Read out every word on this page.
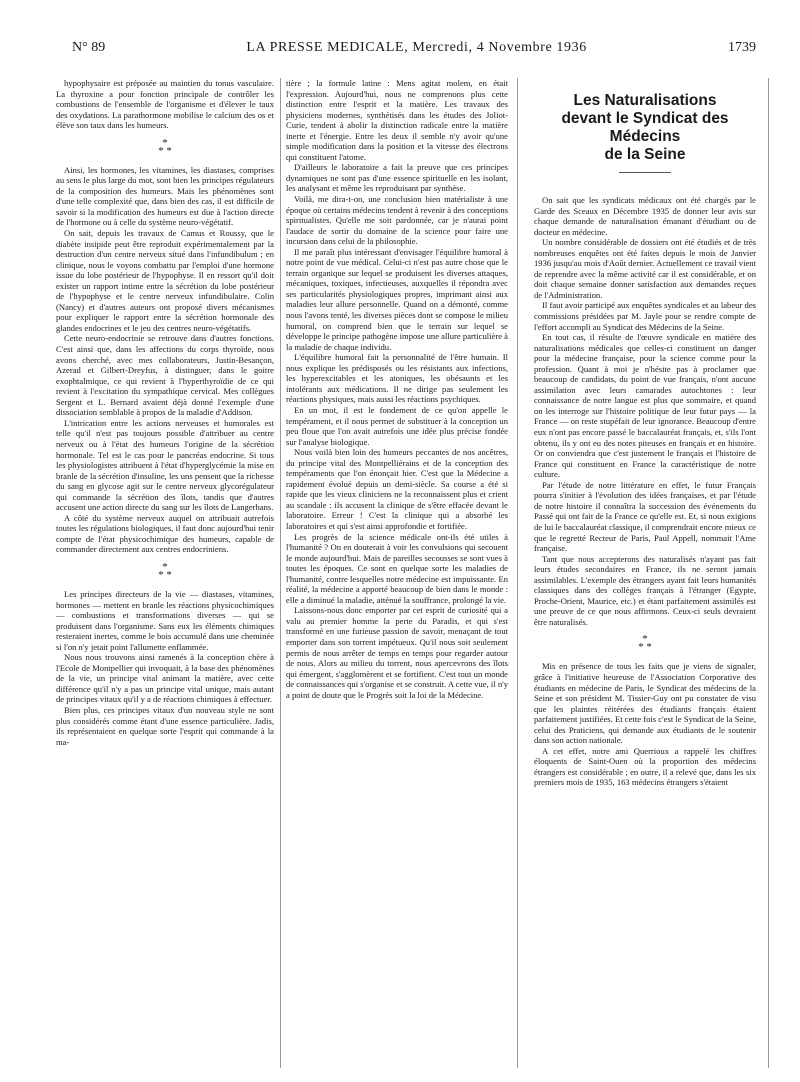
N° 89	LA PRESSE MEDICALE, Mercredi, 4 Novembre 1936	1739

hypophysaire est préposée au maintien du tonus vasculaire. La thyroxine a pour fonction principale de contrôler les combustions de l'ensemble de l'organisme et d'élever le taux des oxydations. La parathormone mobilise le calcium des os et élève son taux dans les humeurs.

*
* *

Ainsi, les hormones, les vitamines, les diastases, comprises au sens le plus large du mot, sont bien les principes régulateurs de la composition des humeurs. Mais les phénomènes sont d'une telle complexité que, dans bien des cas, il est difficile de savoir si la modification des humeurs est due à l'action directe de l'hormone ou à celle du système neuro-végétatif.

On sait, depuis les travaux de Camus et Roussy, que le diabète insipide peut être reproduit expérimentalement par la destruction d'un centre nerveux situé dans l'infundibulum ; en clinique, nous le voyons combattu par l'emploi d'une hormone issue du lobe postérieur de l'hypophyse. Il en ressort qu'il doit exister un rapport intime entre la sécrétion du lobe postérieur de l'hypophyse et le centre nerveux infundibulaire. Colin (Nancy) et d'autres auteurs ont proposé divers mécanismes pour expliquer le rapport entre la sécrétion hormonale des glandes endocrines et le jeu des centres neuro-végétatifs.

Cette neuro-endocrinie se retrouve dans d'autres fonctions. C'est ainsi que, dans les affections du corps thyroïde, nous avons cherché, avec mes collaborateurs, Justin-Besançon, Azerad et Gilbert-Dreyfus, à distinguer, dans le goitre exophtalmique, ce qui revient à l'hyperthyroïdie de ce qui revient à l'excitation du sympathique cervical. Mes collègues Sergent et L. Bernard avaient déjà donné l'exemple d'une dissociation semblable à propos de la maladie d'Addison.

L'intrication entre les actions nerveuses et humorales est telle qu'il n'est pas toujours possible d'attribuer au centre nerveux ou à l'état des humeurs l'origine de la sécrétion hormonale. Tel est le cas pour le pancréas endocrine. Si tous les physiologistes attribuent à l'état d'hyperglycémie la mise en branle de la sécrétion d'insuline, les uns pensent que la richesse du sang en glycose agit sur le centre nerveux glycorégulateur qui commande la sécrétion des îlots, tandis que d'autres accusent une action directe du sang sur les îlots de Langerhans.

A côté du système nerveux auquel on attribuait autrefois toutes les régulations biologiques, il faut donc aujourd'hui tenir compte de l'état physicochimique des humeurs, capable de commander directement aux centres endocriniens.

*
* *

Les principes directeurs de la vie — diastases, vitamines, hormones — mettent en branle les réactions physicochimiques — combustions et transformations diverses — qui se produisent dans l'organisme. Sans eux les éléments chimiques resteraient inertes, comme le bois accumulé dans une cheminée si l'on n'y jetait point l'allumette enflammée.

Nous nous trouvons ainsi ramenés à la conception chère à l'Ecole de Montpellier qui invoquait, à la base des phénomènes de la vie, un principe vital animant la matière, avec cette différence qu'il n'y a pas un principe vital unique, mais autant de principes vitaux qu'il y a de réactions chimiques à effectuer.

Bien plus, ces principes vitaux d'un nouveau style ne sont plus considérés comme étant d'une essence particulière. Jadis, ils représentaient en quelque sorte l'esprit qui commande à la ma-

tière ; la formule latine : Mens agitat molem, en était l'expression. Aujourd'hui, nous ne comprenons plus cette distinction entre l'esprit et la matière. Les travaux des physiciens modernes, synthétisés dans les études des Joliot-Curie, tendent à abolir la distinction radicale entre la matière inerte et l'énergie. Entre les deux il semble n'y avoir qu'une simple modification dans la position et la vitesse des électrons qui constituent l'atome.

D'ailleurs le laboratoire a fait la preuve que ces principes dynamiques ne sont pas d'une essence spirituelle en les isolant, les analysant et même les reproduisant par synthèse.

Voilà, me dira-t-on, une conclusion bien matérialiste à une époque où certains médecins tendent à revenir à des conceptions spiritualistes. Qu'elle me soit pardonnée, car je n'aurai point l'audace de sortir du domaine de la science pour faire une incursion dans celui de la philosophie.

Il me paraît plus intéressant d'envisager l'équilibre humoral à notre point de vue médical. Celui-ci n'est pas autre chose que le terrain organique sur lequel se produisent les diverses attaques, mécaniques, toxiques, infectieuses, auxquelles il répondra avec ses particularités physiologiques propres, imprimant ainsi aux maladies leur allure personnelle. Quand on a démonté, comme nous l'avons tenté, les diverses pièces dont se compose le milieu humoral, on comprend bien que le terrain sur lequel se développe le principe pathogène impose une allure particulière à la maladie de chaque individu.

L'équilibre humoral fait la personnalité de l'être humain. Il nous explique les prédisposés ou les résistants aux infections, les hyperexcitables et les atoniques, les obésaunts et les intolérants aux médications. Il ne dirige pas seulement les réactions physiques, mais aussi les réactions psychiques.

En un mot, il est le fondement de ce qu'on appelle le tempérament, et il nous permet de substituer à la conception un peu floue que l'on avait autrefois une idée plus précise fondée sur l'analyse biologique.

Nous voilà bien loin des humeurs peccantes de nos ancêtres, du principe vital des Montpelliérains et de la conception des tempéraments que l'on énonçait hier. C'est que la Médecine a rapidement évolué depuis un demi-siècle. Sa course a été si rapide que les vieux cliniciens ne la reconnaissent plus et crient au scandale : ils accusent la clinique de s'être effacée devant le laboratoire. Erreur ! C'est la clinique qui a absorbé les laboratoires et qui s'est ainsi approfondie et fortifiée.

Les progrès de la science médicale ont-ils été utiles à l'humanité ? On en douterait à voir les convulsions qui secouent le monde aujourd'hui. Mais de pareilles secousses se sont vues à toutes les époques. Ce sont en quelque sorte les maladies de l'humanité, contre lesquelles notre médecine est impuissante. En réalité, la médecine a apporté beaucoup de bien dans le monde : elle a diminué la maladie, atténué la souffrance, prolongé la vie.

Laissons-nous donc emporter par cet esprit de curiosité qui a valu au premier homme la perte du Paradis, et qui s'est transformé en une furieuse passion de savoir, menaçant de tout emporter dans son torrent impétueux. Qu'il nous soit seulement permis de nous arrêter de temps en temps pour regarder autour de nous. Alors au milieu du torrent, nous apercevrons des îlots qui émergent, s'agglomèrent et se fortifient. C'est tout un monde de connaissances qui s'organise et se construit. A cette vue, il n'y a point de doute que le Progrès soit la loi de la Médecine.

Les Naturalisations
devant le Syndicat des Médecins
de la Seine

On sait que les syndicats médicaux ont été chargés par le Garde des Sceaux en Décembre 1935 de donner leur avis sur chaque demande de naturalisation émanant d'étudiant ou de docteur en médecine.

Un nombre considérable de dossiers ont été étudiés et de très nombreuses enquêtes ont été faites depuis le mois de Janvier 1936 jusqu'au mois d'Août dernier. Actuellement ce travail vient de reprendre avec la même activité car il est considérable, et on doit chaque semaine donner satisfaction aux demandes reçues de l'Administration.

Il faut avoir participé aux enquêtes syndicales et au labeur des commissions présidées par M. Jayle pour se rendre compte de l'effort accompli au Syndicat des Médecins de la Seine.

En tout cas, il résulte de l'œuvre syndicale en matière des naturalisations médicales que celles-ci constituent un danger pour la médecine française, pour la science comme pour la profession. Quant à moi je n'hésite pas à proclamer que beaucoup de candidats, du point de vue français, n'ont aucune assimilation avec leurs camarades autochtones : leur connaissance de notre langue est plus que sommaire, et quand on les interroge sur l'histoire politique de leur futur pays — la France — on reste stupéfait de leur ignorance. Beaucoup d'entre eux n'ont pas encore passé le baccalauréat français, et, s'ils l'ont obtenu, ils y ont eu des notes piteuses en français et en histoire. Or on conviendra que c'est justement le français et l'histoire de France qui constituent en France la caractéristique de notre culture.

Par l'étude de notre littérature en effet, le futur Français pourra s'initier à l'évolution des idées françaises, et par l'étude de notre histoire il connaîtra la succession des événements du Passé qui ont fait de la France ce qu'elle est. Et, si nous exigions de lui le baccalauréat classique, il comprendrait encore mieux ce que le regretté Recteur de Paris, Paul Appell, nommait l'Ame française.

Tant que nous accepterons des naturalisés n'ayant pas fait leurs études secondaires en France, ils ne seront jamais assimilables. L'exemple des étrangers ayant fait leurs humanités classiques dans des collèges français à l'étranger (Egypte, Proche-Orient, Maurice, etc.) et étant parfaitement assimilés est une preuve de ce que nous affirmons. Ceux-ci seuls devraient être naturalisés.

*
* *

Mis en présence de tous les faits que je viens de signaler, grâce à l'initiative heureuse de l'Association Corporative des étudiants en médecine de Paris, le Syndicat des médecins de la Seine et son président M. Tissier-Guy ont pu constater de visu que les plaintes réitérées des étudiants français étaient parfaitement justifiées. Et cette fois c'est le Syndicat de la Seine, celui des Praticiens, qui demande aux étudiants de le soutenir dans son action nationale.

A cet effet, notre ami Querrioux a rappelé les chiffres éloquents de Saint-Ouen où la proportion des médecins étrangers est considérable ; en outre, il a relevé que, dans les six premiers mois de 1935, 163 médecins étrangers s'étaient
